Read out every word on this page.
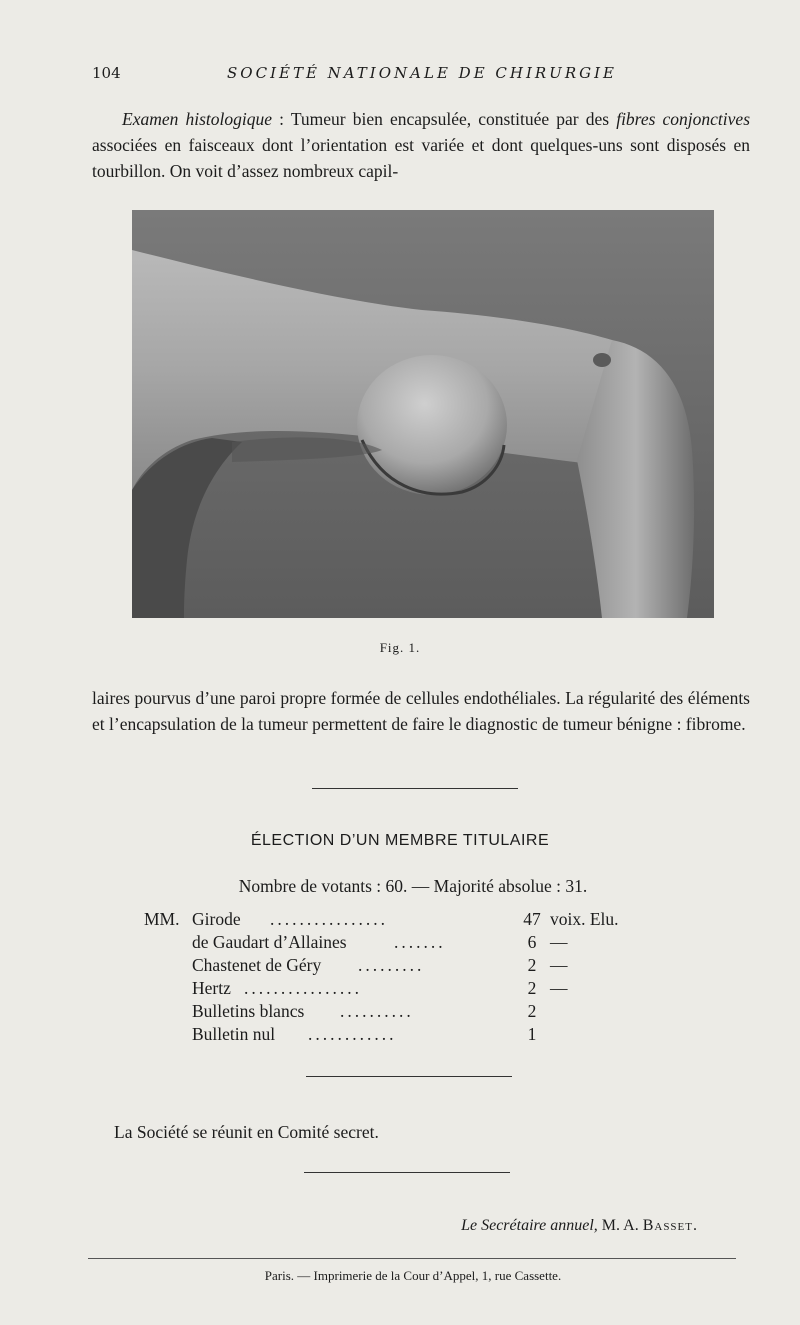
104	SOCIÉTÉ NATIONALE DE CHIRURGIE
Examen histologique : Tumeur bien encapsulée, constituée par des fibres conjonctives associées en faisceaux dont l’orientation est variée et dont quelques-uns sont disposés en tourbillon. On voit d’assez nombreux capil-
Fig. 1.
laires pourvus d’une paroi propre formée de cellules endothéliales. La régularité des éléments et l’encapsulation de la tumeur permettent de faire le diagnostic de tumeur bénigne : fibrome.
ÉLECTION D’UN MEMBRE TITULAIRE
Nombre de votants : 60. — Majorité absolue : 31.
MM. Girode ................	47 voix. Elu.
de Gaudart d’Allaines	.......	6 —
Chastenet de Géry .........	2 —
Hertz ................	2 —
Bulletins blancs ..........	2
Bulletin nul ............	1
La Société se réunit en Comité secret.
Le Secrétaire annuel, M. A. Basset.
Paris. — Imprimerie de la Cour d’Appel, 1, rue Cassette.
